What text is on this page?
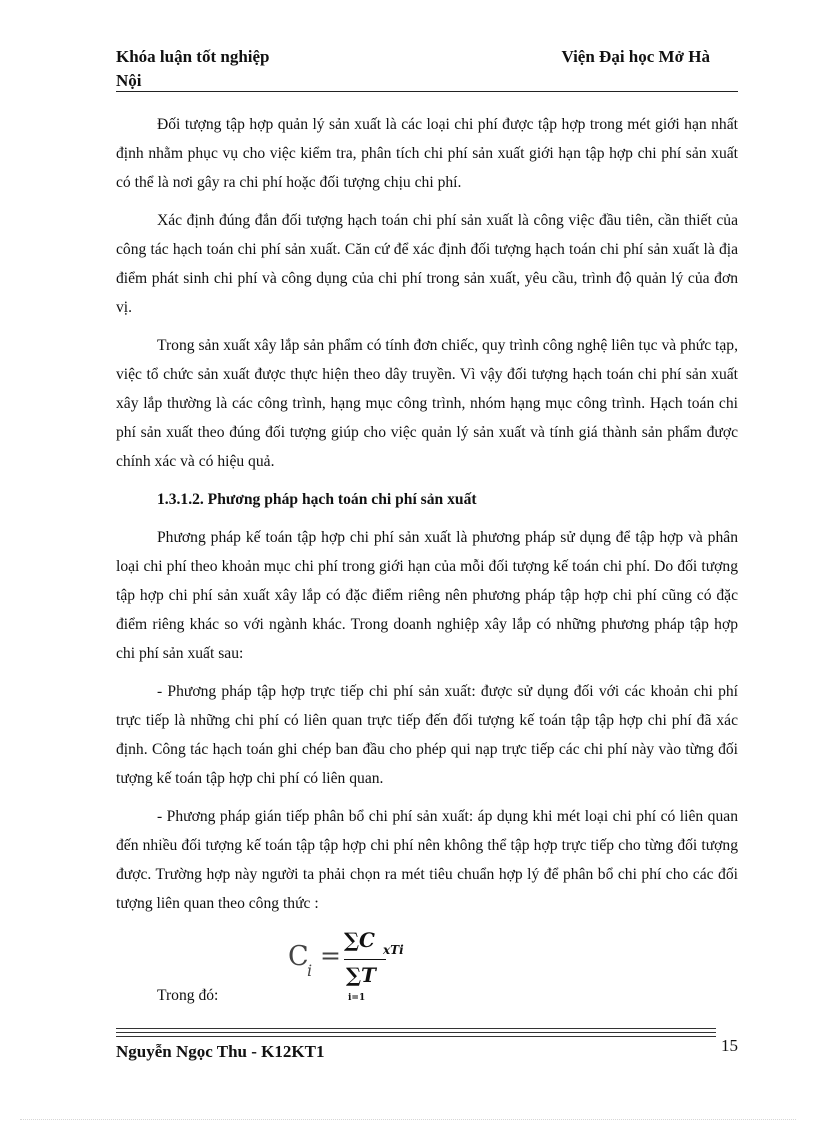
Khóa luận tốt nghiệp	Viện Đại học Mở Hà
Nội

Đối tượng tập hợp quản lý sản xuất là các loại chi phí được tập hợp trong mét giới hạn nhất định nhằm phục vụ cho việc kiểm tra, phân tích chi phí sản xuất giới hạn tập hợp chi phí sản xuất có thể là nơi gây ra chi phí hoặc đối tượng chịu chi phí.

Xác định đúng đắn đối tượng hạch toán chi phí sản xuất là công việc đầu tiên, cần thiết của công tác hạch toán chi phí sản xuất. Căn cứ để xác định đối tượng hạch toán chi phí sản xuất là địa điểm phát sinh chi phí và công dụng của chi phí trong sản xuất, yêu cầu, trình độ quản lý của đơn vị.

Trong sản xuất xây lắp sản phẩm có tính đơn chiếc, quy trình công nghệ liên tục và phức tạp, việc tổ chức sản xuất được thực hiện theo dây truyền. Vì vậy đối tượng hạch toán chi phí sản xuất xây lắp thường là các công trình, hạng mục công trình, nhóm hạng mục công trình. Hạch toán chi phí sản xuất theo đúng đối tượng giúp cho việc quản lý sản xuất và tính giá thành sản phẩm được chính xác và có hiệu quả.

1.3.1.2. Phương pháp hạch toán chi phí sản xuất

Phương pháp kế toán tập hợp chi phí sản xuất là phương pháp sử dụng để tập hợp và phân loại chi phí theo khoản mục chi phí trong giới hạn của mỗi đối tượng kế toán chi phí. Do đối tượng tập hợp chi phí sản xuất xây lắp có đặc điểm riêng nên phương pháp tập hợp chi phí cũng có đặc điểm riêng khác so với ngành khác. Trong doanh nghiệp xây lắp có những phương pháp tập hợp chi phí sản xuất sau:

- Phương pháp tập hợp trực tiếp chi phí sản xuất: được sử dụng đối với các khoản chi phí trực tiếp là những chi phí có liên quan trực tiếp đến đối tượng kế toán tập tập hợp chi phí đã xác định. Công tác hạch toán ghi chép ban đầu cho phép qui nạp trực tiếp các chi phí này vào từng đối tượng kế toán tập hợp chi phí có liên quan.

- Phương pháp gián tiếp phân bổ chi phí sản xuất: áp dụng khi mét loại chi phí có liên quan đến nhiều đối tượng kế toán tập tập hợp chi phí nên không thể tập hợp trực tiếp cho từng đối tượng được. Trường hợp này người ta phải chọn ra mét tiêu chuẩn hợp lý để phân bổ chi phí cho các đối tượng liên quan theo công thức :

C
i
=
∑C
∑T
i=1
xTi
Trong đó:
Nguyễn Ngọc Thu - K12KT1	15
